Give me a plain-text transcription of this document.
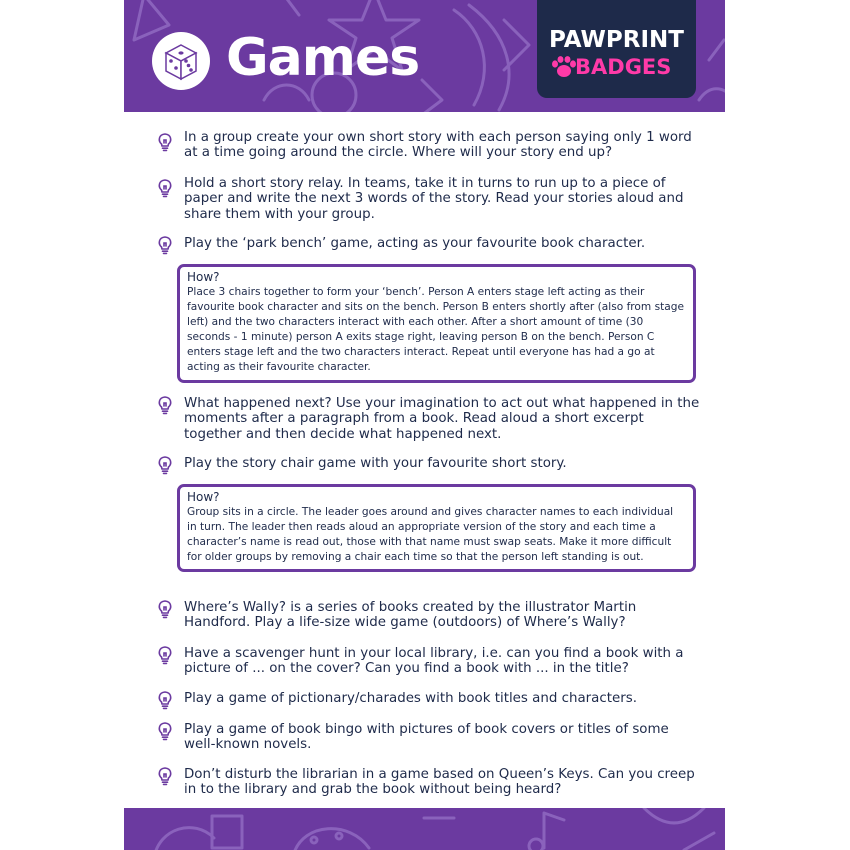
Games	PAWPRINT
BADGES
In a group create your own short story with each person saying only 1 word at a time going around the circle. Where will your story end up?
Hold a short story relay. In teams, take it in turns to run up to a piece of paper and write the next 3 words of the story. Read your stories aloud and share them with your group.
Play the ‘park bench’ game, acting as your favourite book character.
How?
Place 3 chairs together to form your ‘bench’. Person A enters stage left acting as their favourite book character and sits on the bench. Person B enters shortly after (also from stage left) and the two characters interact with each other. After a short amount of time (30 seconds - 1 minute) person A exits stage right, leaving person B on the bench. Person C enters stage left and the two characters interact. Repeat until everyone has had a go at acting as their favourite character.
What happened next? Use your imagination to act out what happened in the moments after a paragraph from a book. Read aloud a short excerpt together and then decide what happened next.
Play the story chair game with your favourite short story.
How?
Group sits in a circle. The leader goes around and gives character names to each individual in turn. The leader then reads aloud an appropriate version of the story and each time a character’s name is read out, those with that name must swap seats. Make it more difficult for older groups by removing a chair each time so that the person left standing is out.
Where’s Wally? is a series of books created by the illustrator Martin Handford. Play a life-size wide game (outdoors) of Where’s Wally?
Have a scavenger hunt in your local library, i.e. can you find a book with a picture of ... on the cover? Can you find a book with ... in the title?
Play a game of pictionary/charades with book titles and characters.
Play a game of book bingo with pictures of book covers or titles of some well-known novels.
Don’t disturb the librarian in a game based on Queen’s Keys. Can you creep in to the library and grab the book without being heard?
